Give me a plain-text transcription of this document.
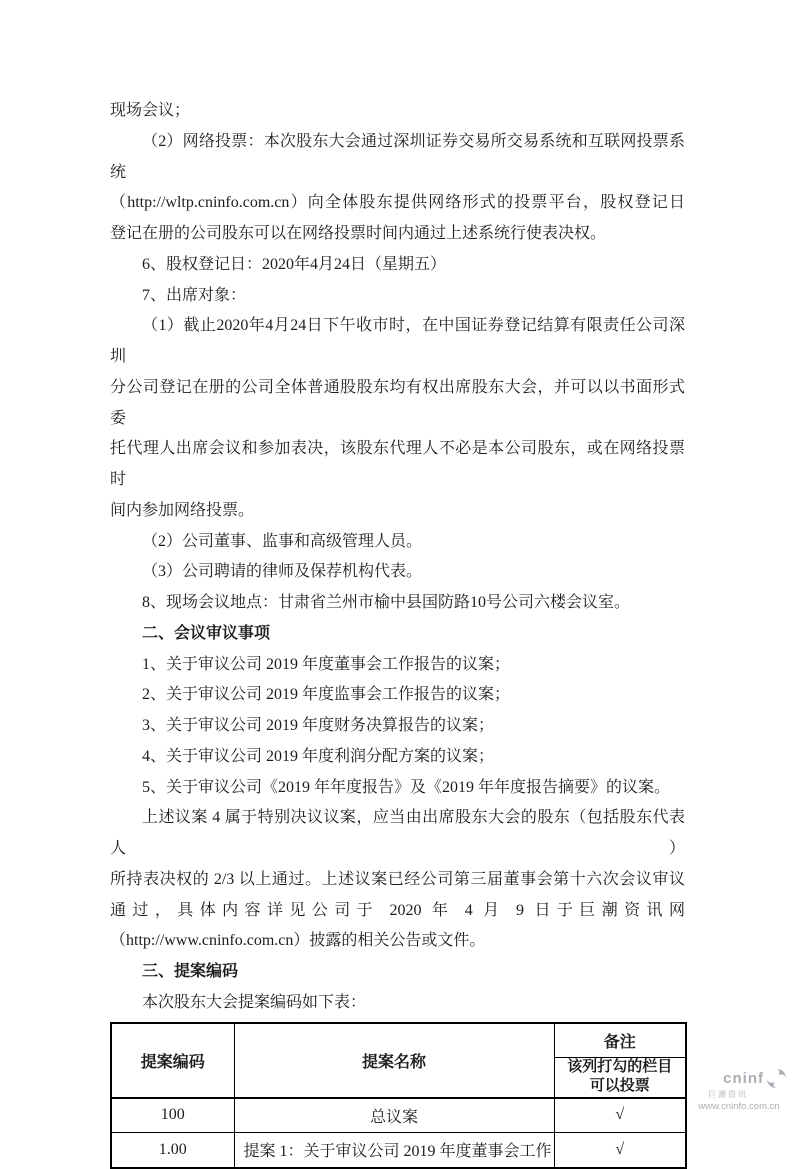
现场会议；
（2）网络投票：本次股东大会通过深圳证券交易所交易系统和互联网投票系统
（http://wltp.cninfo.com.cn）向全体股东提供网络形式的投票平台，股权登记日
登记在册的公司股东可以在网络投票时间内通过上述系统行使表决权。
6、股权登记日：2020年4月24日（星期五）
7、出席对象：
（1）截止2020年4月24日下午收市时，在中国证券登记结算有限责任公司深圳
分公司登记在册的公司全体普通股股东均有权出席股东大会，并可以以书面形式委
托代理人出席会议和参加表决，该股东代理人不必是本公司股东，或在网络投票时
间内参加网络投票。
（2）公司董事、监事和高级管理人员。
（3）公司聘请的律师及保荐机构代表。
8、现场会议地点：甘肃省兰州市榆中县国防路10号公司六楼会议室。
二、会议审议事项
1、关于审议公司 2019 年度董事会工作报告的议案；
2、关于审议公司 2019 年度监事会工作报告的议案；
3、关于审议公司 2019 年度财务决算报告的议案；
4、关于审议公司 2019 年度利润分配方案的议案；
5、关于审议公司《2019 年年度报告》及《2019 年年度报告摘要》的议案。
上述议案 4 属于特别决议议案，应当由出席股东大会的股东（包括股东代表人）
所持表决权的 2/3 以上通过。上述议案已经公司第三届董事会第十六次会议审议
通过，具体内容详见公司于 2020 年 4 月 9 日于巨潮资讯网
（http://www.cninfo.com.cn）披露的相关公告或文件。
三、提案编码
本次股东大会提案编码如下表：
提案编码	提案名称	备注
		该列打勾的栏目可以投票
100	总议案	√
1.00	提案 1：关于审议公司 2019 年度董事会工作	√
cninf
巨潮资讯
www.cninfo.com.cn
